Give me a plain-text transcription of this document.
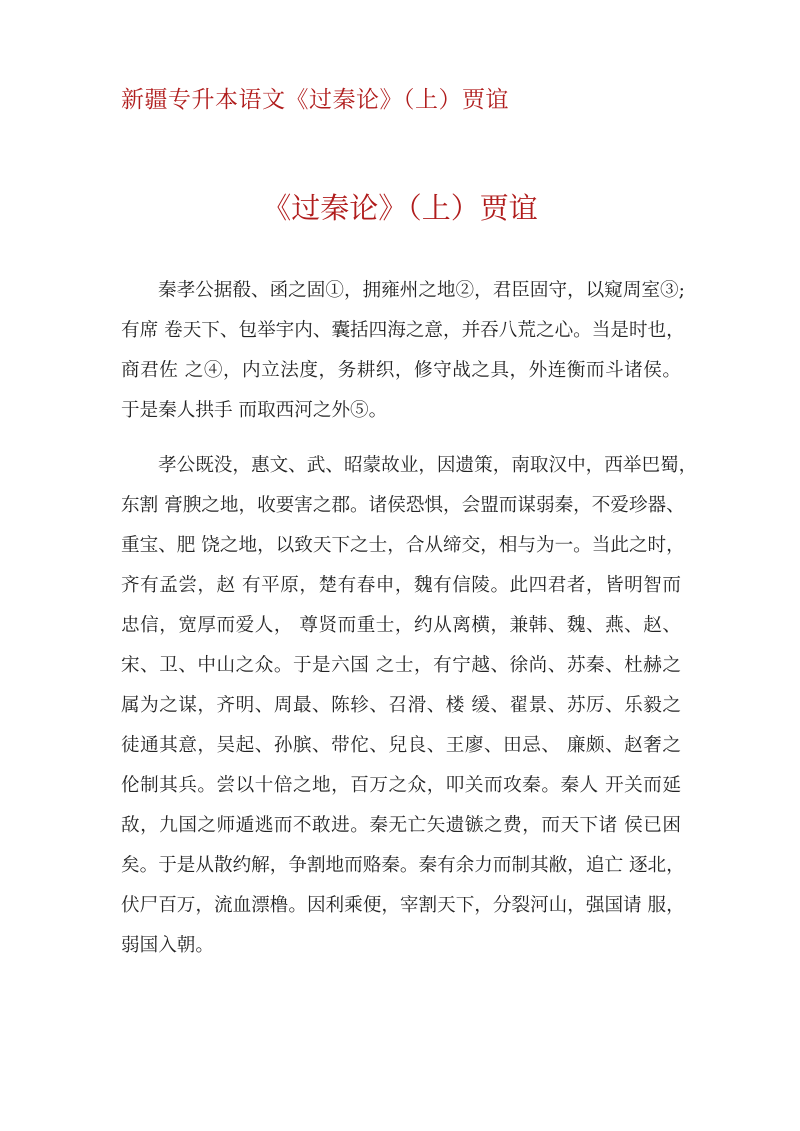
新疆专升本语文《过秦论》（上）贾谊
《过秦论》（上）贾谊
秦孝公据殽、函之固①，拥雍州之地②，君臣固守，以窥周室③;
有席 卷天下、包举宇内、囊括四海之意，并吞八荒之心。当是时也，
商君佐 之④，内立法度，务耕织，修守战之具，外连衡而斗诸侯。
于是秦人拱手 而取西河之外⑤。
孝公既没，惠文、武、昭蒙故业，因遗策，南取汉中，西举巴蜀，
东割 膏腴之地，收要害之郡。诸侯恐惧，会盟而谋弱秦，不爱珍器、
重宝、肥 饶之地，以致天下之士，合从缔交，相与为一。当此之时，
齐有孟尝，赵 有平原，楚有春申，魏有信陵。此四君者，皆明智而
忠信，宽厚而爱人， 尊贤而重士，约从离横，兼韩、魏、燕、赵、
宋、卫、中山之众。于是六国 之士，有宁越、徐尚、苏秦、杜赫之
属为之谋，齐明、周最、陈轸、召滑、楼 缓、翟景、苏厉、乐毅之
徒通其意，吴起、孙膑、带佗、兒良、王廖、田忌、 廉颇、赵奢之
伦制其兵。尝以十倍之地，百万之众，叩关而攻秦。秦人 开关而延
敌，九国之师遁逃而不敢进。秦无亡矢遗镞之费，而天下诸 侯已困
矣。于是从散约解，争割地而赂秦。秦有余力而制其敝，追亡 逐北，
伏尸百万，流血漂橹。因利乘便，宰割天下，分裂河山，强国请 服，
弱国入朝。
